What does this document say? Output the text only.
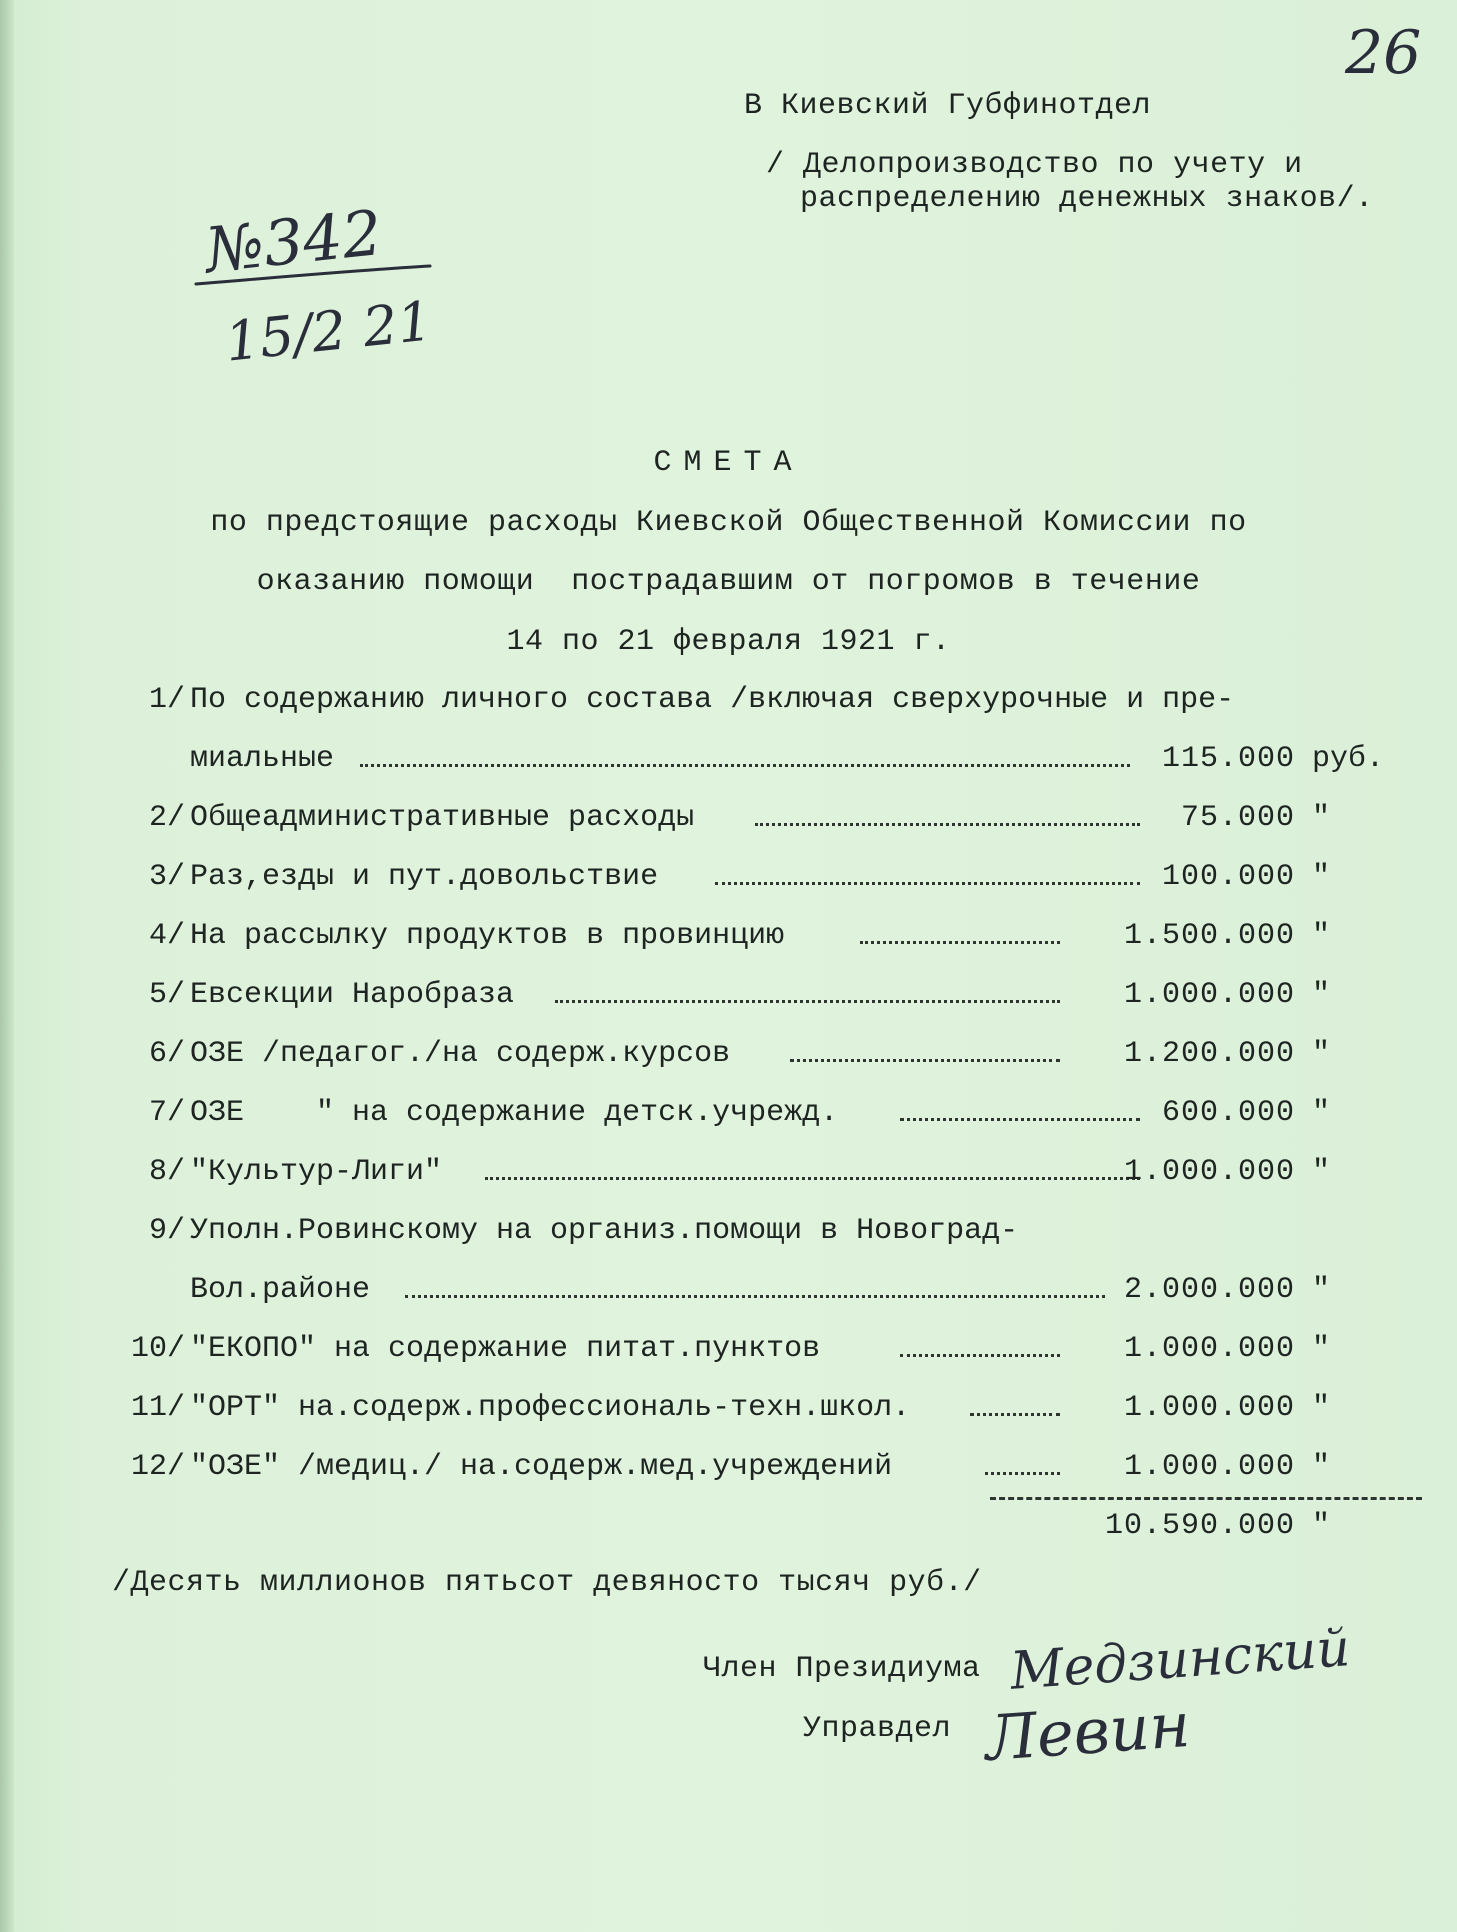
26
В Киевский Губфинотдел
/ Делопроизводство по учету и
распределению денежных знаков/.
№342
15/2 21
СМЕТА
по предстоящие расходы Киевской Общественной Комиссии по
оказанию помощи  пострадавшим от погромов в течение
14 по 21 февраля 1921 г.
1/ По содержанию личного состава /включая сверхурочные и пре-
миальные	115.000 руб.
2/ Общеадминистративные расходы	75.000 "
3/ Раз,езды и пут.довольствие	100.000 "
4/ На рассылку продуктов в провинцию	1.500.000 "
5/ Евсекции Наробраза	1.000.000 "
6/ ОЗЕ /педагог./на содерж.курсов	1.200.000 "
7/ ОЗЕ    " на содержание детск.учрежд.	600.000 "
8/ "Культур-Лиги"	1.000.000 "
9/ Уполн.Ровинскому на организ.помощи в Новоград-
Вол.районе	2.000.000 "
10/ "ЕКОПО" на содержание питат.пунктов	1.000.000 "
11/ "ОРТ" на.содерж.профессиональ-техн.школ.	1.000.000 "
12/ "ОЗЕ" /медиц./ на.содерж.мед.учреждений	1.000.000 "
10.590.000 "
/Десять миллионов пятьсот девяносто тысяч руб./
Член Президиума Медзинский
Управдел Левин
